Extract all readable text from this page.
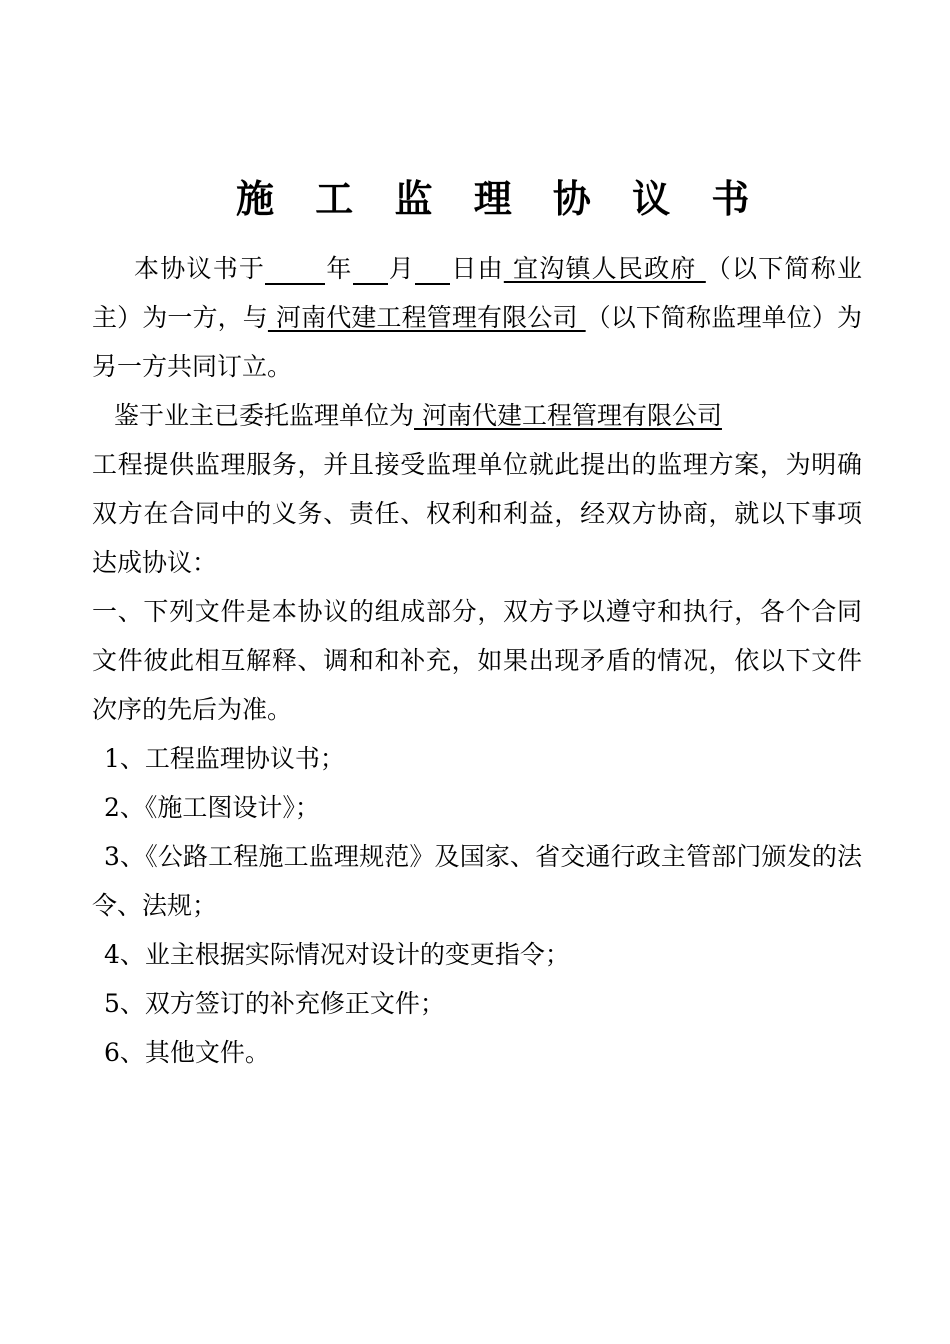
施 工 监 理 协 议 书

本协议书于 年 月 日由 宜沟镇人民政府 （以下简称业主）为一方，与 河南代建工程管理有限公司 （以下简称监理单位）为另一方共同订立。

鉴于业主已委托监理单位为 河南代建工程管理有限公司
工程提供监理服务，并且接受监理单位就此提出的监理方案，为明确双方在合同中的义务、责任、权利和利益，经双方协商，就以下事项达成协议：

一、下列文件是本协议的组成部分，双方予以遵守和执行，各个合同文件彼此相互解释、调和和补充，如果出现矛盾的情况，依以下文件次序的先后为准。

1、工程监理协议书；

2、《施工图设计》；

3、《公路工程施工监理规范》及国家、省交通行政主管部门颁发的法令、法规；

4、业主根据实际情况对设计的变更指令；

5、双方签订的补充修正文件；

6、其他文件。
